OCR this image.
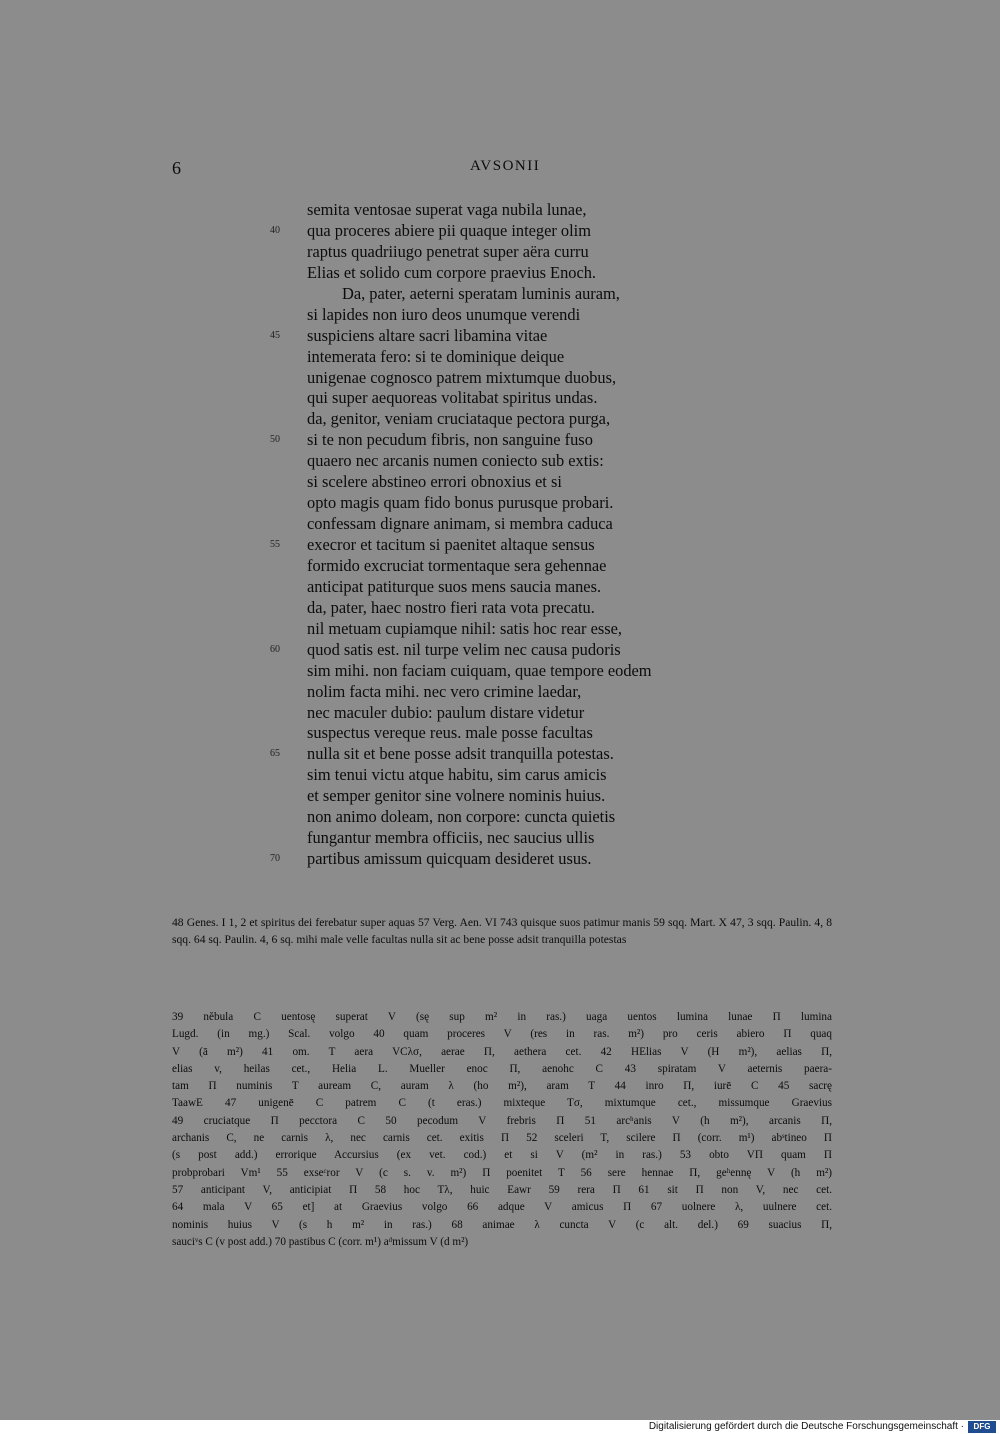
6	AVSONII
semita ventosae superat vaga nubila lunae,
40	qua proceres abiere pii quaque integer olim
raptus quadriiugo penetrat super aëra curru
Elias et solido cum corpore praevius Enoch.
Da, pater, aeterni speratam luminis auram,
si lapides non iuro deos unumque verendi
45	suspiciens altare sacri libamina vitae
intemerata fero: si te dominique deique
unigenae cognosco patrem mixtumque duobus,
qui super aequoreas volitabat spiritus undas.
da, genitor, veniam cruciataque pectora purga,
50	si te non pecudum fibris, non sanguine fuso
quaero nec arcanis numen coniecto sub extis:
si scelere abstineo errori obnoxius et si
opto magis quam fido bonus purusque probari.
confessam dignare animam, si membra caduca
55	execror et tacitum si paenitet altaque sensus
formido excruciat tormentaque sera gehennae
anticipat patiturque suos mens saucia manes.
da, pater, haec nostro fieri rata vota precatu.
nil metuam cupiamque nihil: satis hoc rear esse,
60	quod satis est. nil turpe velim nec causa pudoris
sim mihi. non faciam cuiquam, quae tempore eodem
nolim facta mihi. nec vero crimine laedar,
nec maculer dubio: paulum distare videtur
suspectus vereque reus. male posse facultas
65	nulla sit et bene posse adsit tranquilla potestas.
sim tenui victu atque habitu, sim carus amicis
et semper genitor sine volnere nominis huius.
non animo doleam, non corpore: cuncta quietis
fungantur membra officiis, nec saucius ullis
70	partibus amissum quicquam desideret usus.
48 Genes. I 1, 2 et spiritus dei ferebatur super aquas 57 Verg. Aen. VI 743 quisque suos patimur manis 59 sqq. Mart. X 47, 3 sqq. Paulin. 4, 8 sqq. 64 sq. Paulin. 4, 6 sq. mihi male velle facultas nulla sit ac bene posse adsit tranquilla potestas
39 nĕbula C uentosę superat V (sę sup m² in ras.) uaga uentos lumina lunae Π lumina
Lugd. (in mg.) Scal. volgo 40 quam proceres V (res in ras. m²) pro ceris abiero Π quaq
V (ā m²) 41 om. T aera VCλσ, aerae Π, aethera cet. 42 HElias V (H m²), aelias Π,
elias v, heilas cet., Helia L. Mueller enoc Π, aenohc C 43 spiratam V aeternis paera-
tam Π numinis T auream C, auram λ (ho m²), aram T 44 inro Π, iurē C 45 sacrę
TaawE 47 unigenē C patrem C (t eras.) mixteque Tσ, mixtumque cet., missumque Graevius
49 cruciatque Π pecctora C 50 pecodum V frebris Π 51 arcʰanis V (h m²), arcanis Π,
archanis C, ne carnis λ, nec carnis cet. exitis Π 52 sceleri T, scilere Π (corr. m¹) abˢtineo Π
(s post add.) errorique Accursius (ex vet. cod.) et si V (m² in ras.) 53 obto VΠ quam Π
probprobari Vm¹ 55 exseᶜror V (c s. v. m²) Π poenitet T 56 sere hennae Π, geʰennę V (h m²)
57 anticipant V, anticipiat Π 58 hoc Tλ, huic Eawr 59 rera Π 61 sit Π non V, nec cet.
64 mala V 65 et] at Graevius volgo 66 adque V amicus Π 67 uolnere λ, uulnere cet.
nominis huius V (s h m² in ras.) 68 animae λ cuncta V (c alt. del.) 69 suacius Π,
sauciᵛs C (v post add.) 70 pastibus C (corr. m¹) aᵈmissum V (d m²)
Digitalisierung gefördert durch die Deutsche Forschungsgemeinschaft ·	DFG
